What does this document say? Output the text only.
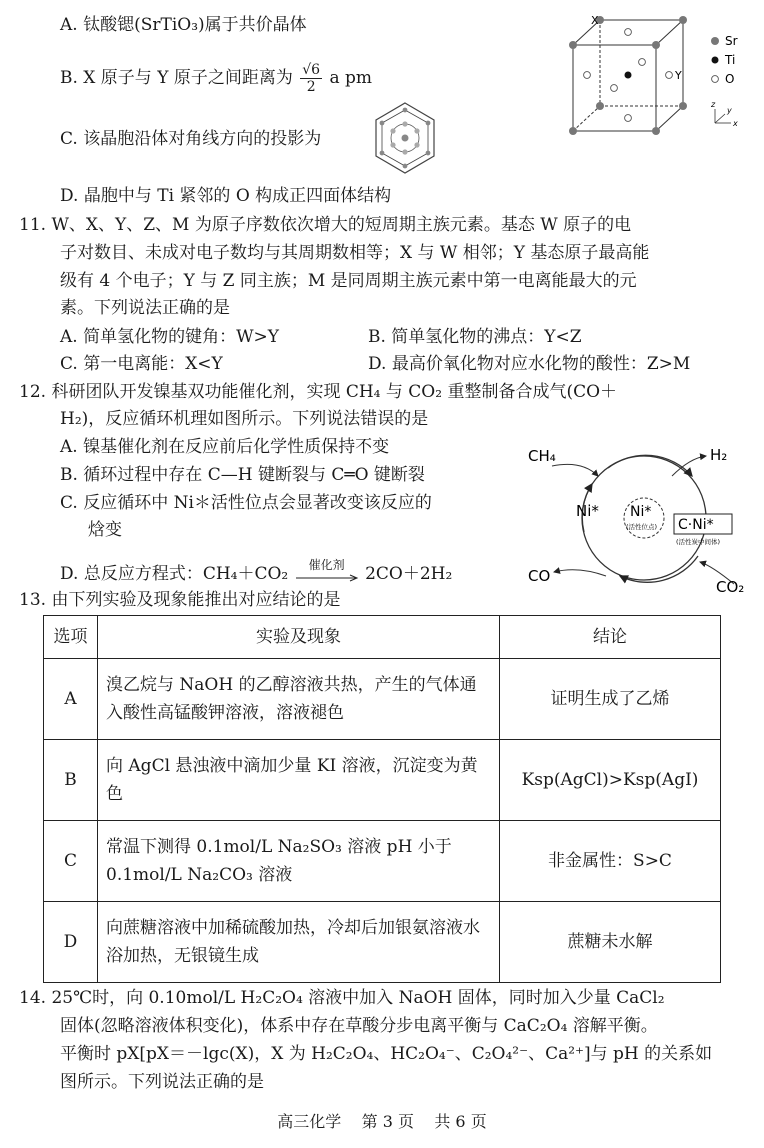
A. 钛酸锶(SrTiO₃)属于共价晶体
B. X 原子与 Y 原子之间距离为 $\frac{√6}{2}$ a pm
C. 该晶胞沿体对角线方向的投影为
D. 晶胞中与 Ti 紧邻的 O 构成正四面体结构
X
Y
Sr
Ti
O
x
y
z
11. W、X、Y、Z、M 为原子序数依次增大的短周期主族元素。基态 W 原子的电
子对数目、未成对电子数均与其周期数相等；X 与 W 相邻；Y 基态原子最高能
级有 4 个电子；Y 与 Z 同主族；M 是同周期主族元素中第一电离能最大的元
素。下列说法正确的是
A. 简单氢化物的键角：W>Y	B. 简单氢化物的沸点：Y<Z
C. 第一电离能：X<Y	D. 最高价氧化物对应水化物的酸性：Z>M
12. 科研团队开发镍基双功能催化剂，实现 CH₄ 与 CO₂ 重整制备合成气(CO＋
H₂)，反应循环机理如图所示。下列说法错误的是
A. 镍基催化剂在反应前后化学性质保持不变
B. 循环过程中存在 C—H 键断裂与 C═O 键断裂
C. 反应循环中 Ni＊活性位点会显著改变该反应的
焓变
D. 总反应方程式：CH₄＋CO₂	催化剂	2CO＋2H₂
CH₄	H₂
Ni* Ni*
(活性位点) C·Ni*
(活性炭中间体)
CO
CO₂
13. 由下列实验及现象能推出对应结论的是
选项	实验及现象	结论
A	溴乙烷与 NaOH 的乙醇溶液共热，产生的气体通入酸性高锰酸钾溶液，溶液褪色	证明生成了乙烯
B	向 AgCl 悬浊液中滴加少量 KI 溶液，沉淀变为黄色	Ksp(AgCl)>Ksp(AgI)
C	常温下测得 0.1mol/L Na₂SO₃ 溶液 pH 小于 0.1mol/L Na₂CO₃ 溶液	非金属性：S>C
D	向蔗糖溶液中加稀硫酸加热，冷却后加银氨溶液水浴加热，无银镜生成	蔗糖未水解
14. 25℃时，向 0.10mol/L H₂C₂O₄ 溶液中加入 NaOH 固体，同时加入少量 CaCl₂
固体(忽略溶液体积变化)，体系中存在草酸分步电离平衡与 CaC₂O₄ 溶解平衡。
平衡时 pX[pX＝－lgc(X)，X 为 H₂C₂O₄、HC₂O₄⁻、C₂O₄²⁻、Ca²⁺]与 pH 的关系如
图所示。下列说法正确的是
高三化学    第 3 页    共 6 页
